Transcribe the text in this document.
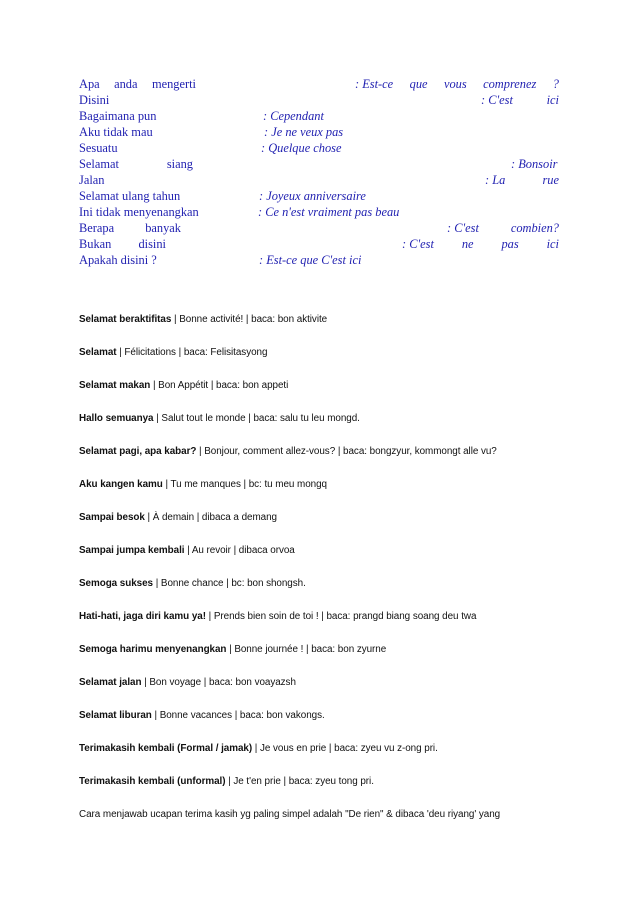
Apa anda mengerti	: Est-ce que vous comprenez ?
Disini	: C'est	ici
Bagaimana pun	: Cependant
Aku tidak mau	: Je ne veux pas
Sesuatu	: Quelque chose
Selamat	siang	: Bonsoir
Jalan	: La	rue
Selamat ulang tahun	: Joyeux anniversaire
Ini tidak menyenangkan	: Ce n'est vraiment pas beau
Berapa	banyak	: C'est	combien?
Bukan disini	: C'est ne pas ici
Apakah disini ?	: Est-ce que C'est ici
Selamat beraktifitas | Bonne activité! | baca: bon aktivite
Selamat | Félicitations | baca: Felisitasyong
Selamat makan | Bon Appétit | baca: bon appeti
Hallo semuanya | Salut tout le monde | baca: salu tu leu mongd.
Selamat pagi, apa kabar? | Bonjour, comment allez-vous? | baca: bongzyur, kommongt alle vu?
Aku kangen kamu | Tu me manques | bc: tu meu mongq
Sampai besok | À demain | dibaca a demang
Sampai jumpa kembali | Au revoir | dibaca orvoa
Semoga sukses | Bonne chance | bc: bon shongsh.
Hati-hati, jaga diri kamu ya! | Prends bien soin de toi ! | baca: prangd biang soang deu twa
Semoga harimu menyenangkan | Bonne journée ! | baca: bon zyurne
Selamat jalan | Bon voyage | baca: bon voayazsh
Selamat liburan | Bonne vacances | baca: bon vakongs.
Terimakasih kembali (Formal / jamak) | Je vous en prie | baca: zyeu vu z-ong pri.
Terimakasih kembali (unformal) | Je t'en prie | baca: zyeu tong pri.
Cara menjawab ucapan terima kasih yg paling simpel adalah "De rien" & dibaca 'deu riyang' yang
